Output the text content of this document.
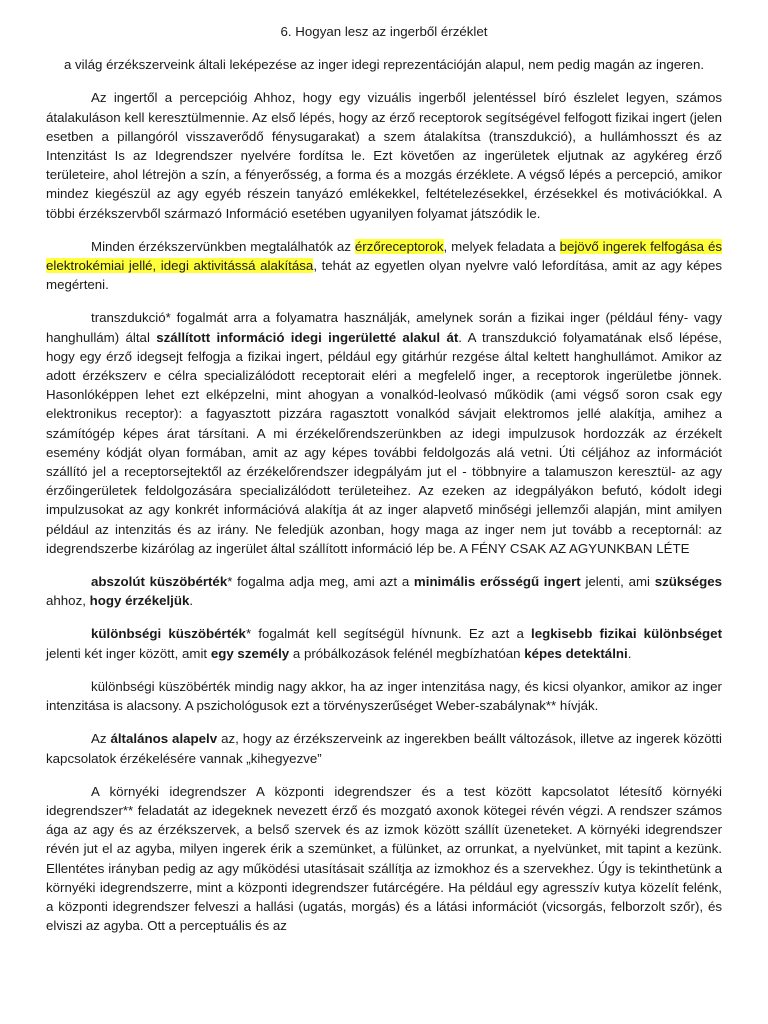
6. Hogyan lesz az ingerből érzéklet

a világ érzékszerveink általi leképezése az inger idegi reprezentációján alapul, nem pedig magán az ingeren.

Az ingertől a percepcióig Ahhoz, hogy egy vizuális ingerből jelentéssel bíró észlelet legyen, számos átalakuláson kell keresztülmennie. Az első lépés, hogy az érző receptorok segítségével felfogott fizikai ingert (jelen esetben a pillangóról visszaverődő fénysugarakat) a szem átalakítsa (transzdukció), a hullámhosszt és az Intenzitást Is az Idegrendszer nyelvére fordítsa le. Ezt követően az ingerületek eljutnak az agykéreg érző területeire, ahol létrejön a szín, a fényerősség, a forma és a mozgás érzéklete. A végső lépés a percepció, amikor mindez kiegészül az agy egyéb részein tanyázó emlékekkel, feltételezésekkel, érzésekkel és motivációkkal. A többi érzékszervből származó Információ esetében ugyanilyen folyamat játszódik le.

Minden érzékszervünkben megtalálhatók az érzőreceptorok, melyek feladata a bejövő ingerek felfogása és elektrokémiai jellé, idegi aktivitássá alakítása, tehát az egyetlen olyan nyelvre való lefordítása, amit az agy képes megérteni.

transzdukció* fogalmát arra a folyamatra használják, amelynek során a fizikai inger (például fény- vagy hanghullám) által szállított információ idegi ingerületté alakul át. A transzdukció folyamatának első lépése, hogy egy érző idegsejt felfogja a fizikai ingert, például egy gitárhúr rezgése által keltett hanghullámot. Amikor az adott érzékszerv e célra specializálódott receptorait eléri a megfelelő inger, a receptorok ingerületbe jönnek. Hasonlóképpen lehet ezt elképzelni, mint ahogyan a vonalkód-leolvasó működik (ami végső soron csak egy elektronikus receptor): a fagyasztott pizzára ragasztott vonalkód sávjait elektromos jellé alakítja, amihez a számítógép képes árat társítani. A mi érzékelőrendszerünkben az idegi impulzusok hordozzák az érzékelt esemény kódját olyan formában, amit az agy képes további feldolgozás alá vetni. Úti céljához az információt szállító jel a receptorsejtektől az érzékelőrendszer idegpályám jut el - többnyire a talamuszon keresztül- az agy érzőingerületek feldolgozására specializálódott területeihez. Az ezeken az idegpályákon befutó, kódolt idegi impulzusokat az agy konkrét információvá alakítja át az inger alapvető minőségi jellemzői alapján, mint amilyen például az intenzitás és az irány. Ne feledjük azonban, hogy maga az inger nem jut tovább a receptornál: az idegrendszerbe kizárólag az ingerület által szállított információ lép be. A FÉNY CSAK AZ AGYUNKBAN LÉTE

abszolút küszöbérték* fogalma adja meg, ami azt a minimális erősségű ingert jelenti, ami szükséges ahhoz, hogy érzékeljük.

különbségi küszöbérték* fogalmát kell segítségül hívnunk. Ez azt a legkisebb fizikai különbséget jelenti két inger között, amit egy személy a próbálkozások felénél megbízhatóan képes detektálni.

különbségi küszöbérték mindig nagy akkor, ha az inger intenzitása nagy, és kicsi olyankor, amikor az inger intenzitása is alacsony. A pszichológusok ezt a törvényszerűséget Weber-szabálynak** hívják.

Az általános alapelv az, hogy az érzékszerveink az ingerekben beállt változások, illetve az ingerek közötti kapcsolatok érzékelésére vannak „kihegyezve”

A környéki idegrendszer A központi idegrendszer és a test között kapcsolatot létesítő környéki idegrendszer** feladatát az idegeknek nevezett érző és mozgató axonok kötegei révén végzi. A rendszer számos ága az agy és az érzékszervek, a belső szervek és az izmok között szállít üzeneteket. A környéki idegrendszer révén jut el az agyba, milyen ingerek érik a szemünket, a fülünket, az orrunkat, a nyelvünket, mit tapint a kezünk. Ellentétes irányban pedig az agy működési utasításait szállítja az izmokhoz és a szervekhez. Úgy is tekinthetünk a környéki idegrendszerre, mint a központi idegrendszer futárcégére. Ha például egy agresszív kutya közelít felénk, a központi idegrendszer felveszi a hallási (ugatás, morgás) és a látási információt (vicsorgás, felborzolt szőr), és elviszi az agyba. Ott a perceptuális és az
